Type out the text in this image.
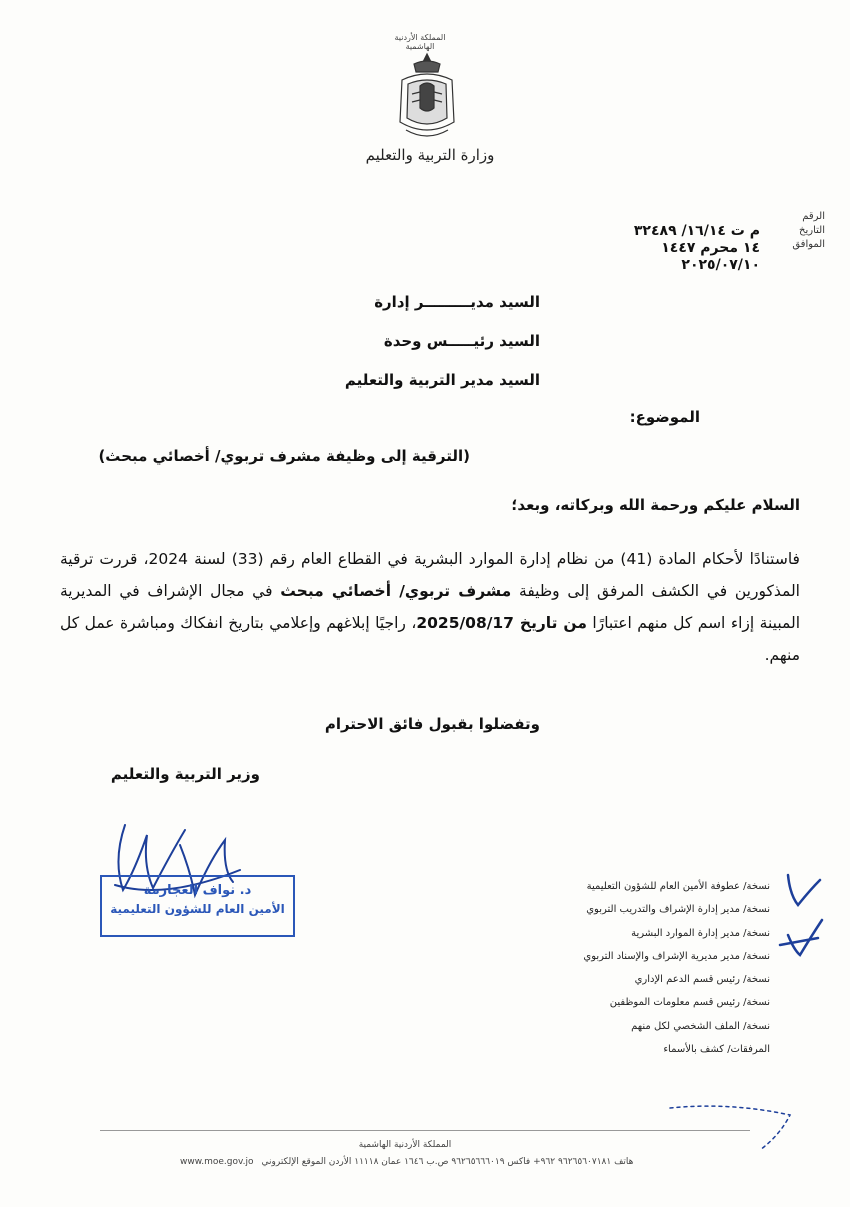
المملكة الأردنية الهاشمية
وزارة التربية والتعليم
الرقم
التاريخ
الموافق
م ت ١٦/١٤/ ٣٢٤٨٩
١٤ محرم ١٤٤٧
٢٠٢٥/٠٧/١٠
السيد مديـــــــــر إدارة
السيد رئيـــــس وحدة
السيد مدير التربية والتعليم
الموضوع:
(الترقية إلى وظيفة مشرف تربوي/ أخصائي مبحث)
السلام عليكم ورحمة الله وبركاته، وبعد؛
فاستنادًا لأحكام المادة (41) من نظام إدارة الموارد البشرية في القطاع العام رقم (33) لسنة 2024، قررت ترقية المذكورين في الكشف المرفق إلى وظيفة مشرف تربوي/ أخصائي مبحث في مجال الإشراف في المديرية المبينة إزاء اسم كل منهم اعتبارًا من تاريخ 2025/08/17، راجيًا إبلاغهم وإعلامي بتاريخ انفكاك ومباشرة عمل كل منهم.
وتفضلوا بقبول فائق الاحترام
وزير التربية والتعليم
د. نواف العجارمة
الأمين العام للشؤون التعليمية
نسخة/ عطوفة الأمين العام للشؤون التعليمية
نسخة/ مدير إدارة الإشراف والتدريب التربوي
نسخة/ مدير إدارة الموارد البشرية
نسخة/ مدير مديرية الإشراف والإسناد التربوي
نسخة/ رئيس قسم الدعم الإداري
نسخة/ رئيس قسم معلومات الموظفين
نسخة/ الملف الشخصي لكل منهم
المرفقات/ كشف بالأسماء
المملكة الأردنية الهاشمية
www.moe.gov.jo هاتف ٩٦٢٦٥٦٠٧١٨١ ٩٦٢+ فاكس ٩٦٢٦٥٦٦٦٠١٩ ص.ب ١٦٤٦ عمان ١١١١٨ الأردن الموقع الإلكتروني
